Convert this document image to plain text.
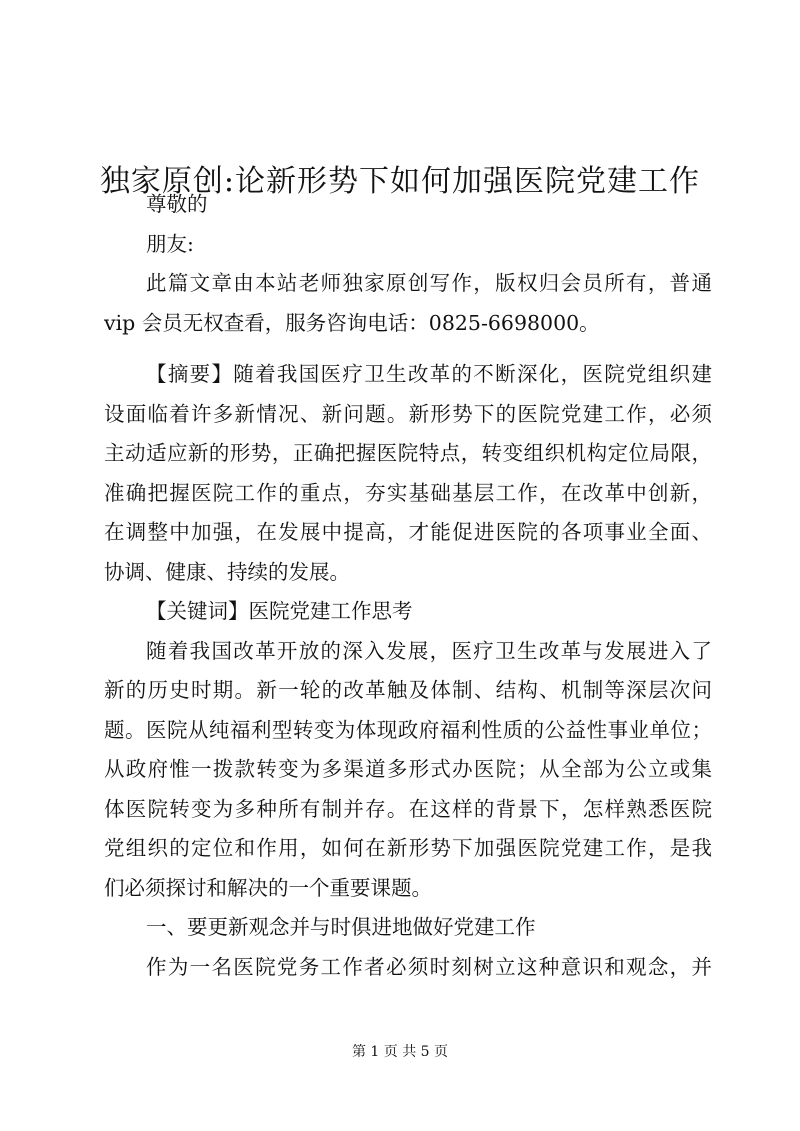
独家原创:论新形势下如何加强医院党建工作
尊敬的
朋友:
此篇文章由本站老师独家原创写作，版权归会员所有，普通
vip 会员无权查看，服务咨询电话：0825-6698000。
【摘要】随着我国医疗卫生改革的不断深化，医院党组织建
设面临着许多新情况、新问题。新形势下的医院党建工作，必须
主动适应新的形势，正确把握医院特点，转变组织机构定位局限，
准确把握医院工作的重点，夯实基础基层工作，在改革中创新，
在调整中加强，在发展中提高，才能促进医院的各项事业全面、
协调、健康、持续的发展。
【关键词】医院党建工作思考
随着我国改革开放的深入发展，医疗卫生改革与发展进入了
新的历史时期。新一轮的改革触及体制、结构、机制等深层次问
题。医院从纯福利型转变为体现政府福利性质的公益性事业单位；
从政府惟一拨款转变为多渠道多形式办医院；从全部为公立或集
体医院转变为多种所有制并存。在这样的背景下，怎样熟悉医院
党组织的定位和作用，如何在新形势下加强医院党建工作，是我
们必须探讨和解决的一个重要课题。
一、要更新观念并与时俱进地做好党建工作
作为一名医院党务工作者必须时刻树立这种意识和观念，并
第 1 页 共 5 页
